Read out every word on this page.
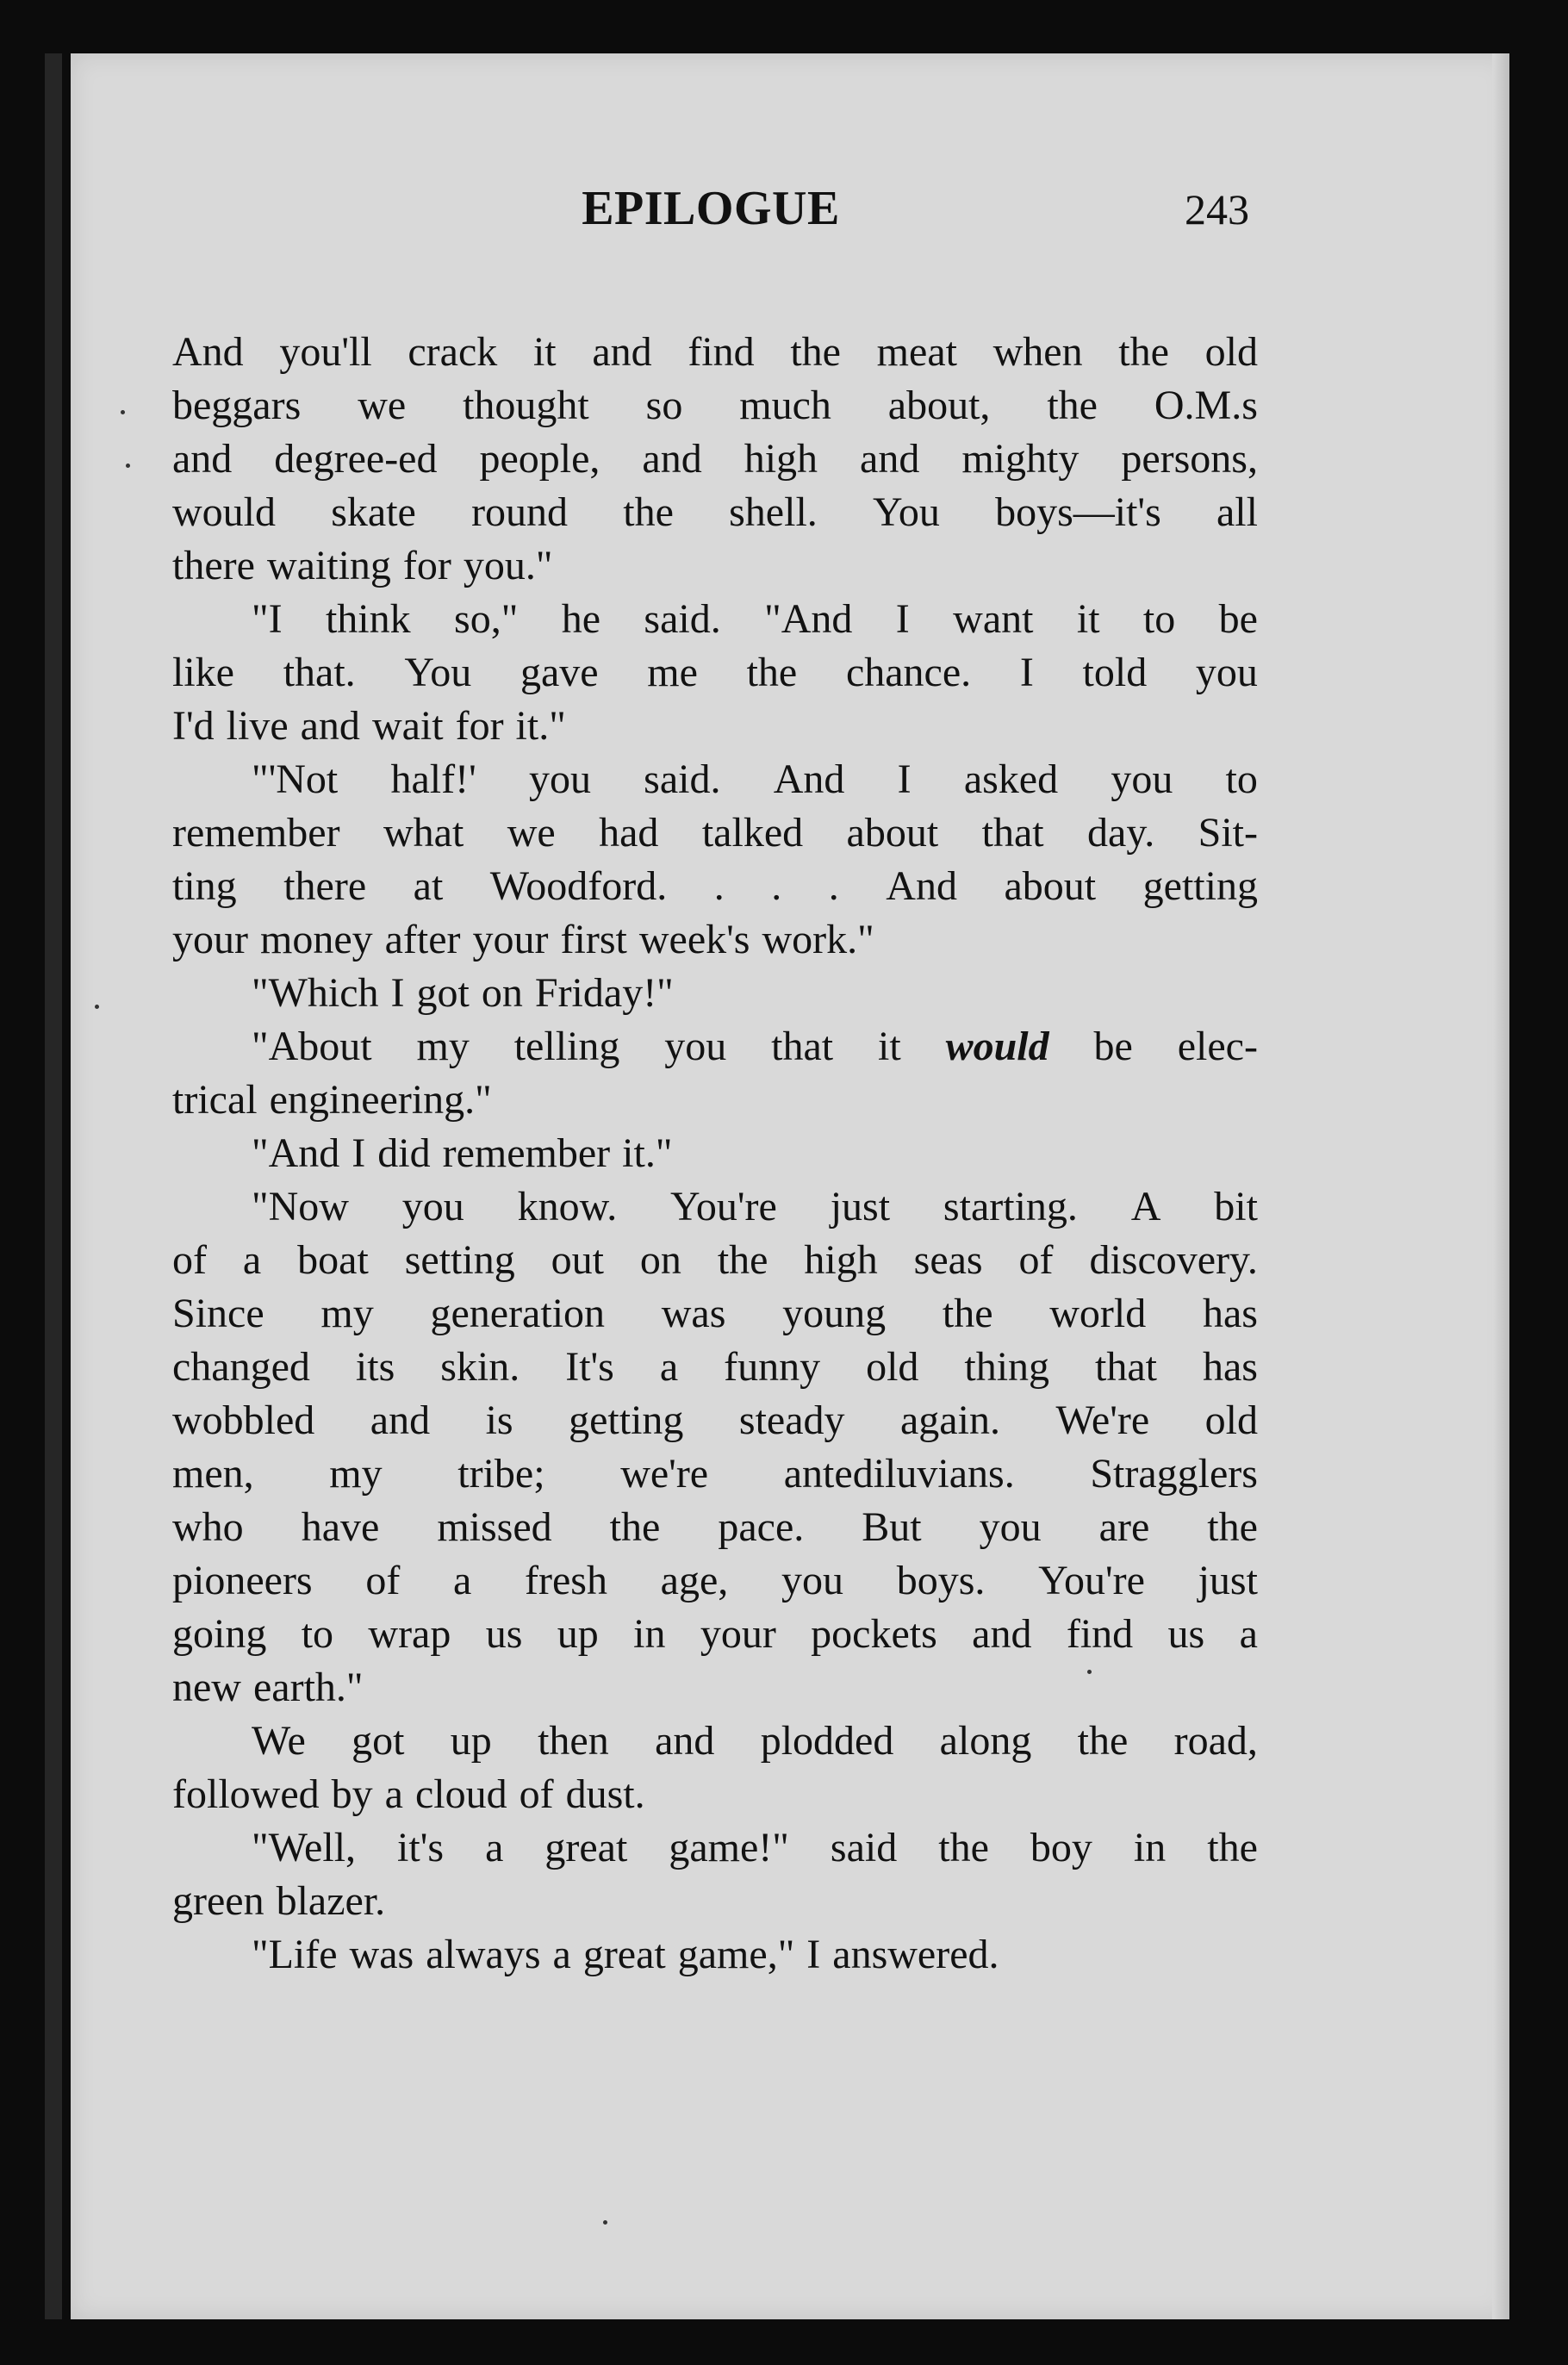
EPILOGUE	243
And you'll crack it and find the meat when the old
beggars we thought so much about, the O.M.s
and degree-ed people, and high and mighty persons,
would skate round the shell. You boys—it's all
there waiting for you."
"I think so," he said. "And I want it to be
like that. You gave me the chance. I told you
I'd live and wait for it."
"'Not half!' you said. And I asked you to
remember what we had talked about that day. Sit-
ting there at Woodford. . . . And about getting
your money after your first week's work."
"Which I got on Friday!"
"About my telling you that it would be elec-
trical engineering."
"And I did remember it."
"Now you know. You're just starting. A bit
of a boat setting out on the high seas of discovery.
Since my generation was young the world has
changed its skin. It's a funny old thing that has
wobbled and is getting steady again. We're old
men, my tribe; we're antediluvians. Stragglers
who have missed the pace. But you are the
pioneers of a fresh age, you boys. You're just
going to wrap us up in your pockets and find us a
new earth."
We got up then and plodded along the road,
followed by a cloud of dust.
"Well, it's a great game!" said the boy in the
green blazer.
"Life was always a great game," I answered.
